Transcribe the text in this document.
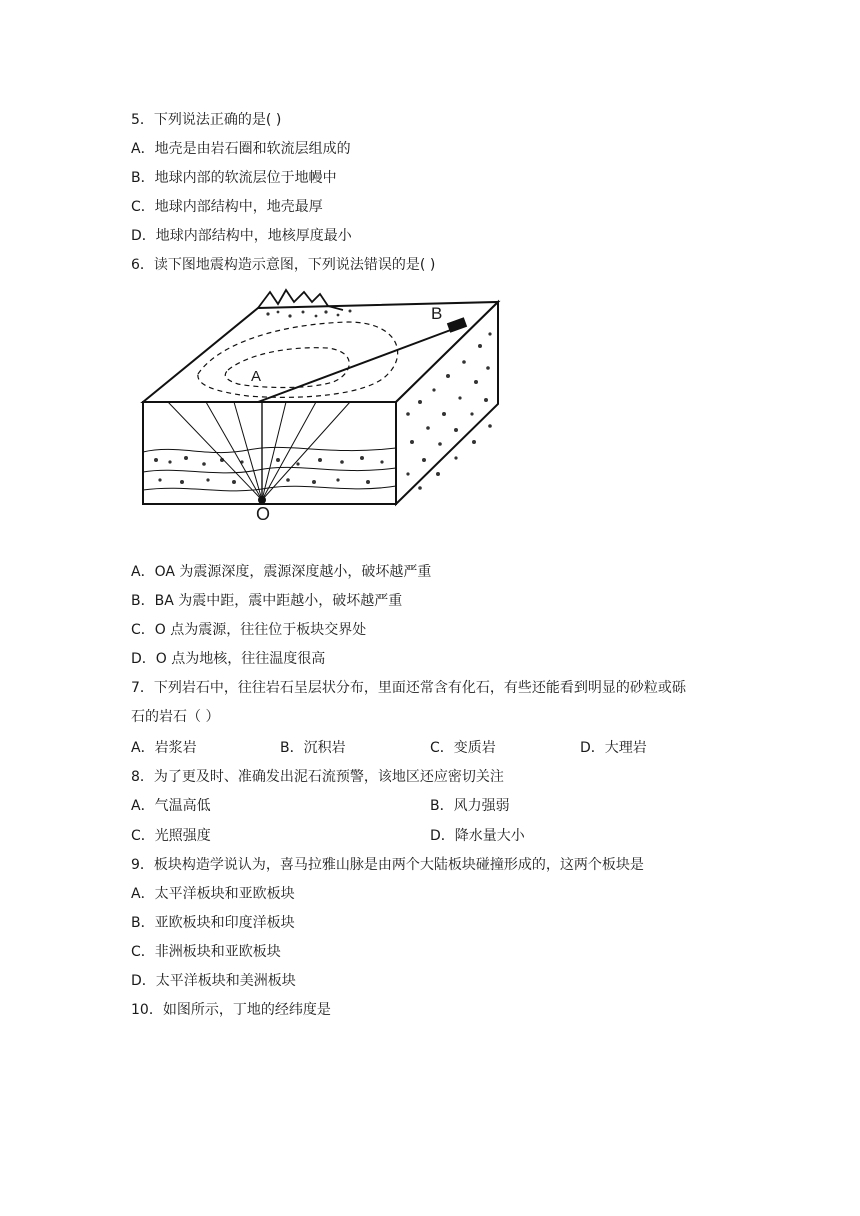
5．下列说法正确的是( )
A．地壳是由岩石圈和软流层组成的
B．地球内部的软流层位于地幔中
C．地球内部结构中，地壳最厚
D．地球内部结构中，地核厚度最小
6．读下图地震构造示意图，下列说法错误的是( )
A
B
O
A．OA 为震源深度，震源深度越小，破坏越严重
B．BA 为震中距，震中距越小，破坏越严重
C．O 点为震源，往往位于板块交界处
D．O 点为地核，往往温度很高
7．下列岩石中，往往岩石呈层状分布，里面还常含有化石，有些还能看到明显的砂粒或砾
石的岩石（ ）
A．岩浆岩	B．沉积岩	C．变质岩	D．大理岩
8．为了更及时、准确发出泥石流预警，该地区还应密切关注
A．气温高低	B．风力强弱
C．光照强度	D．降水量大小
9．板块构造学说认为，喜马拉雅山脉是由两个大陆板块碰撞形成的，这两个板块是
A．太平洋板块和亚欧板块
B．亚欧板块和印度洋板块
C．非洲板块和亚欧板块
D．太平洋板块和美洲板块
10．如图所示，丁地的经纬度是
